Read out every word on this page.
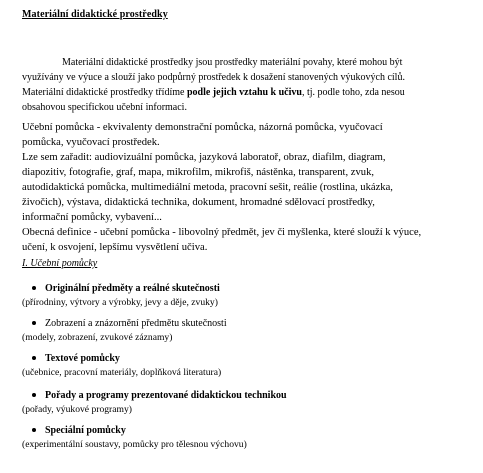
Materiální didaktické prostředky
Materiální didaktické prostředky jsou prostředky materiální povahy, které mohou být
využívány ve výuce a slouží jako podpůrný prostředek k dosažení stanovených výukových cílů.
Materiální didaktické prostředky třídíme podle jejich vztahu k učivu, tj. podle toho, zda nesou
obsahovou specifickou učební informaci.
Učební pomůcka - ekvivalenty demonstrační pomůcka, názorná pomůcka, vyučovací
pomůcka, vyučovací prostředek.
Lze sem zařadit: audiovizuální pomůcka, jazyková laboratoř, obraz, diafilm, diagram,
diapozitiv, fotografie, graf, mapa, mikrofilm, mikrofiš, nástěnka, transparent, zvuk,
autodidaktická pomůcka, multimediální metoda, pracovní sešit, reálie (rostlina, ukázka,
živočich), výstava, didaktická technika, dokument, hromadné sdělovací prostředky,
informační pomůcky, vybavení...
Obecná definice - učební pomůcka - libovolný předmět, jev či myšlenka, které slouží k výuce,
učení, k osvojení, lepšímu vysvětlení učiva.
I. Učební pomůcky
Originální předměty a reálné skutečnosti
(přírodniny, výtvory a výrobky, jevy a děje, zvuky)
Zobrazení a znázornění předmětu skutečnosti
(modely, zobrazení, zvukové záznamy)
Textové pomůcky
(učebnice, pracovní materiály, doplňková literatura)
Pořady a programy prezentované didaktickou technikou
(pořady, výukové programy)
Speciální pomůcky
(experimentální soustavy, pomůcky pro tělesnou výchovu)
